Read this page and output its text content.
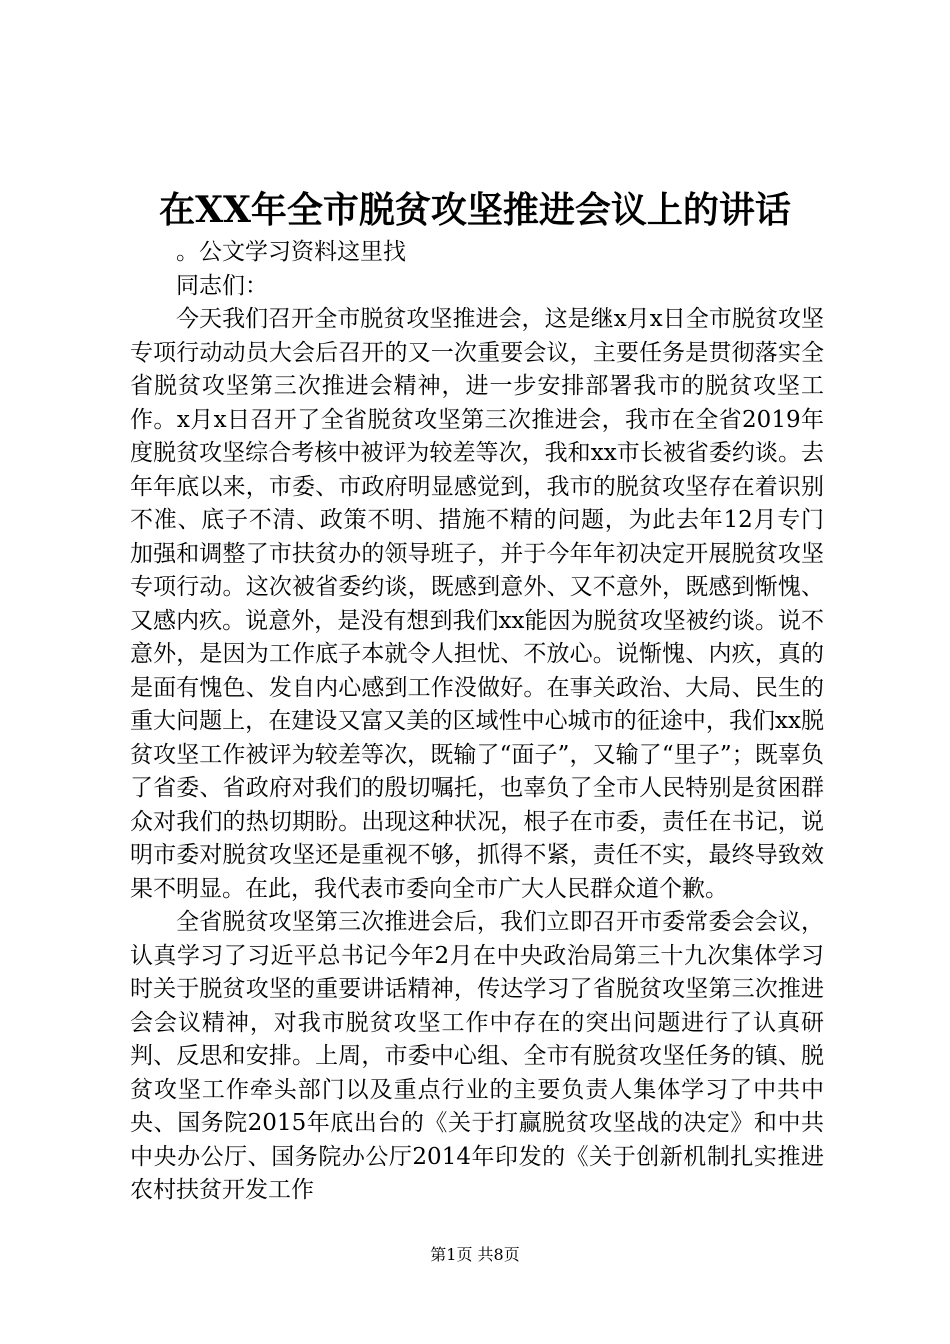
在XX年全市脱贫攻坚推进会议上的讲话

。公文学习资料这里找

同志们：

今天我们召开全市脱贫攻坚推进会，这是继x月x日全市脱贫攻坚专项行动动员大会后召开的又一次重要会议，主要任务是贯彻落实全省脱贫攻坚第三次推进会精神，进一步安排部署我市的脱贫攻坚工作。x月x日召开了全省脱贫攻坚第三次推进会，我市在全省2019年度脱贫攻坚综合考核中被评为较差等次，我和xx市长被省委约谈。去年年底以来，市委、市政府明显感觉到，我市的脱贫攻坚存在着识别不准、底子不清、政策不明、措施不精的问题，为此去年12月专门加强和调整了市扶贫办的领导班子，并于今年年初决定开展脱贫攻坚专项行动。这次被省委约谈，既感到意外、又不意外，既感到惭愧、又感内疚。说意外，是没有想到我们xx能因为脱贫攻坚被约谈。说不意外，是因为工作底子本就令人担忧、不放心。说惭愧、内疚，真的是面有愧色、发自内心感到工作没做好。在事关政治、大局、民生的重大问题上，在建设又富又美的区域性中心城市的征途中，我们xx脱贫攻坚工作被评为较差等次，既输了“面子”，又输了“里子”；既辜负了省委、省政府对我们的殷切嘱托，也辜负了全市人民特别是贫困群众对我们的热切期盼。出现这种状况，根子在市委，责任在书记，说明市委对脱贫攻坚还是重视不够，抓得不紧，责任不实，最终导致效果不明显。在此，我代表市委向全市广大人民群众道个歉。

全省脱贫攻坚第三次推进会后，我们立即召开市委常委会会议，认真学习了习近平总书记今年2月在中央政治局第三十九次集体学习时关于脱贫攻坚的重要讲话精神，传达学习了省脱贫攻坚第三次推进会会议精神，对我市脱贫攻坚工作中存在的突出问题进行了认真研判、反思和安排。上周，市委中心组、全市有脱贫攻坚任务的镇、脱贫攻坚工作牵头部门以及重点行业的主要负责人集体学习了中共中央、国务院2015年底出台的《关于打赢脱贫攻坚战的决定》和中共中央办公厅、国务院办公厅2014年印发的《关于创新机制扎实推进农村扶贫开发工作

第1页 共8页
